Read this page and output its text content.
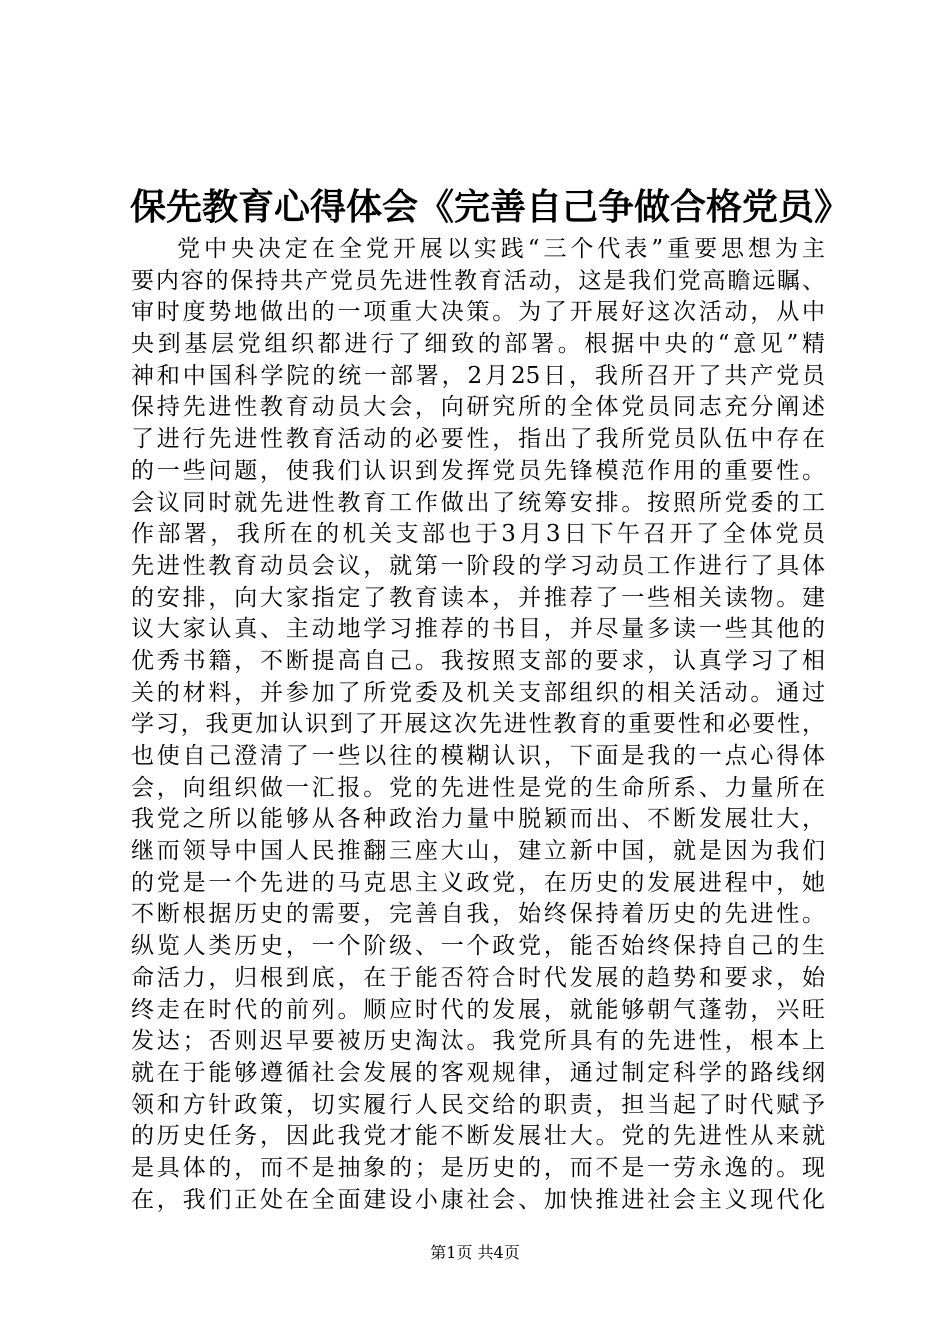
保先教育心得体会《完善自己争做合格党员》
党中央决定在全党开展以实践“三个代表”重要思想为主
要内容的保持共产党员先进性教育活动，这是我们党高瞻远瞩、
审时度势地做出的一项重大决策。为了开展好这次活动，从中
央到基层党组织都进行了细致的部署。根据中央的“意见”精
神和中国科学院的统一部署，2月25日，我所召开了共产党员
保持先进性教育动员大会，向研究所的全体党员同志充分阐述
了进行先进性教育活动的必要性，指出了我所党员队伍中存在
的一些问题，使我们认识到发挥党员先锋模范作用的重要性。
会议同时就先进性教育工作做出了统筹安排。按照所党委的工
作部署，我所在的机关支部也于3月3日下午召开了全体党员
先进性教育动员会议，就第一阶段的学习动员工作进行了具体
的安排，向大家指定了教育读本，并推荐了一些相关读物。建
议大家认真、主动地学习推荐的书目，并尽量多读一些其他的
优秀书籍，不断提高自己。我按照支部的要求，认真学习了相
关的材料，并参加了所党委及机关支部组织的相关活动。通过
学习，我更加认识到了开展这次先进性教育的重要性和必要性，
也使自己澄清了一些以往的模糊认识，下面是我的一点心得体
会，向组织做一汇报。党的先进性是党的生命所系、力量所在
我党之所以能够从各种政治力量中脱颖而出、不断发展壮大，
继而领导中国人民推翻三座大山，建立新中国，就是因为我们
的党是一个先进的马克思主义政党，在历史的发展进程中，她
不断根据历史的需要，完善自我，始终保持着历史的先进性。
纵览人类历史，一个阶级、一个政党，能否始终保持自己的生
命活力，归根到底，在于能否符合时代发展的趋势和要求，始
终走在时代的前列。顺应时代的发展，就能够朝气蓬勃，兴旺
发达；否则迟早要被历史淘汰。我党所具有的先进性，根本上
就在于能够遵循社会发展的客观规律，通过制定科学的路线纲
领和方针政策，切实履行人民交给的职责，担当起了时代赋予
的历史任务，因此我党才能不断发展壮大。党的先进性从来就
是具体的，而不是抽象的；是历史的，而不是一劳永逸的。现
在，我们正处在全面建设小康社会、加快推进社会主义现代化
第1页 共4页
